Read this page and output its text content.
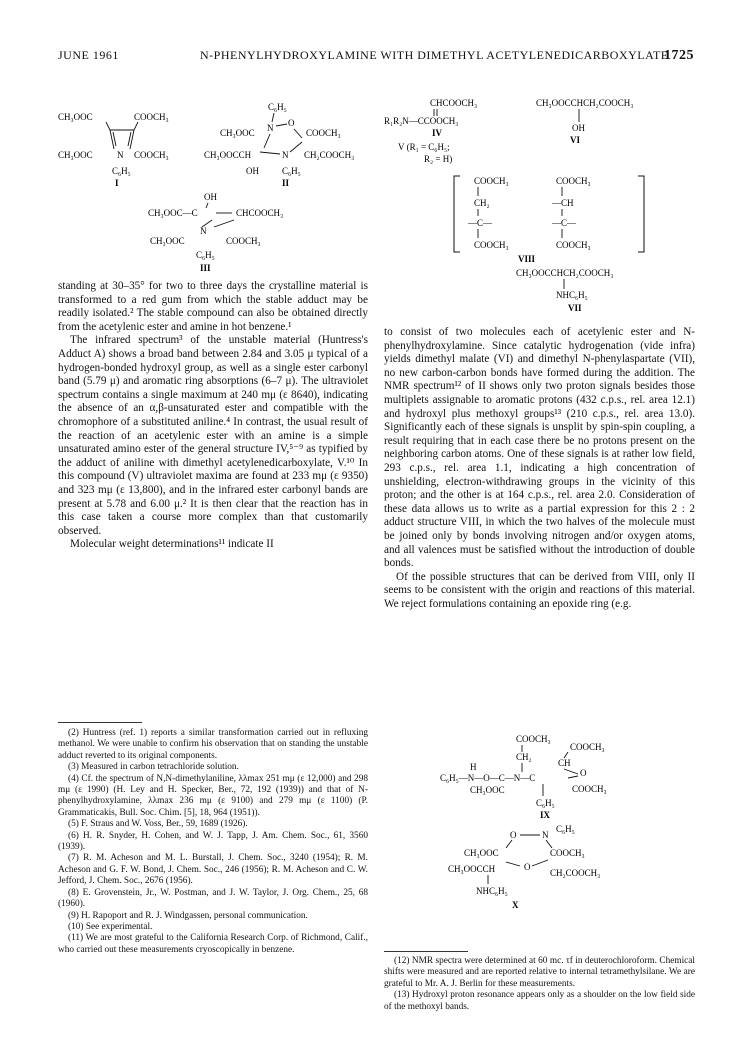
JUNE 1961	N-PHENYLHYDROXYLAMINE WITH DIMETHYL ACETYLENEDICARBOXYLATE
1725
CH₃OOC	COOCH₃
CH₃OOC	N COOCH₃
C₆H₅
I
C₆H₅
N O
CH₃OOC	COOCH₃
CH₃OOCCH	N CH₂COOCH₃
OH	C₆H₅
II
OH
CH₃OOC—C	CHCOOCH₃
N
CH₃OOC	COOCH₃
C₆H₅
III
CHCOOCH₃
R₁R₂N—CCOOCH₃
IV
V (R₁ = C₆H₅;
R₂ = H)
CH₃OOCCHCH₂COOCH₃
OH
VI
COOCH₃
CH₂
—C—
COOCH₃
COOCH₃
—CH
—C—
COOCH₃
VIII
CH₃OOCCHCH₂COOCH₃
NHC₆H₅
VII

standing at 30–35° for two to three days the crystalline material is transformed to a red gum from which the stable adduct may be readily isolated.² The stable compound can also be obtained directly from the acetylenic ester and amine in hot benzene.¹

The infrared spectrum³ of the unstable material (Huntress's Adduct A) shows a broad band between 2.84 and 3.05 μ typical of a hydrogen-bonded hydroxyl group, as well as a single ester carbonyl band (5.79 μ) and aromatic ring absorptions (6–7 μ). The ultraviolet spectrum contains a single maximum at 240 mμ (ε 8640), indicating the absence of an α,β-unsaturated ester and compatible with the chromophore of a substituted aniline.⁴ In contrast, the usual result of the reaction of an acetylenic ester with an amine is a simple unsaturated amino ester of the general structure IV,⁵⁻⁹ as typified by the adduct of aniline with dimethyl acetylenedicarboxylate, V.¹⁰ In this compound (V) ultraviolet maxima are found at 233 mμ (ε 9350) and 323 mμ (ε 13,800), and in the infrared ester carbonyl bands are present at 5.78 and 6.00 μ.² It is then clear that the reaction has in this case taken a course more complex than that customarily observed.

Molecular weight determinations¹¹ indicate II

to consist of two molecules each of acetylenic ester and N-phenylhydroxylamine. Since catalytic hydrogenation (vide infra) yields dimethyl malate (VI) and dimethyl N-phenylaspartate (VII), no new carbon-carbon bonds have formed during the addition. The NMR spectrum¹² of II shows only two proton signals besides those multiplets assignable to aromatic protons (432 c.p.s., rel. area 12.1) and hydroxyl plus methoxyl groups¹³ (210 c.p.s., rel. area 13.0). Significantly each of these signals is unsplit by spin-spin coupling, a result requiring that in each case there be no protons present on the neighboring carbon atoms. One of these signals is at rather low field, 293 c.p.s., rel. area 1.1, indicating a high concentration of unshielding, electron-withdrawing groups in the vicinity of this proton; and the other is at 164 c.p.s., rel. area 2.0. Consideration of these data allows us to write as a partial expression for this 2 : 2 adduct structure VIII, in which the two halves of the molecule must be joined only by bonds involving nitrogen and/or oxygen atoms, and all valences must be satisfied without the introduction of double bonds.

Of the possible structures that can be derived from VIII, only II seems to be consistent with the origin and reactions of this material. We reject formulations containing an epoxide ring (e.g.

COOCH₃
CH₂
COOCH₃
CH
H
C₆H₅—N—O—C—N—C	O
CH₃OOC	COOCH₃
C₆H₅
IX
O	N
C₆H₅
CH₃OOC	COOCH₃
CH₃OOCCH	O
CH₂COOCH₃
NHC₆H₅
X

(2) Huntress (ref. 1) reports a similar transformation carried out in refluxing methanol. We were unable to confirm his observation that on standing the unstable adduct reverted to its original components.

(3) Measured in carbon tetrachloride solution.

(4) Cf. the spectrum of N,N-dimethylaniline, λλmax 251 mμ (ε 12,000) and 298 mμ (ε 1990) (H. Ley and H. Specker, Ber., 72, 192 (1939)) and that of N-phenylhydroxylamine, λλmax 236 mμ (ε 9100) and 279 mμ (ε 1100) (P. Grammaticakis, Bull. Soc. Chim. [5], 18, 964 (1951)).

(5) F. Straus and W. Voss, Ber., 59, 1689 (1926).

(6) H. R. Snyder, H. Cohen, and W. J. Tapp, J. Am. Chem. Soc., 61, 3560 (1939).

(7) R. M. Acheson and M. L. Burstall, J. Chem. Soc., 3240 (1954); R. M. Acheson and G. F. W. Bond, J. Chem. Soc., 246 (1956); R. M. Acheson and C. W. Jefford, J. Chem. Soc., 2676 (1956).

(8) E. Grovenstein, Jr., W. Postman, and J. W. Taylor, J. Org. Chem., 25, 68 (1960).

(9) H. Rapoport and R. J. Windgassen, personal communication.

(10) See experimental.

(11) We are most grateful to the California Research Corp. of Richmond, Calif., who carried out these measurements cryoscopically in benzene.

(12) NMR spectra were determined at 60 mc. τf in deuterochloroform. Chemical shifts were measured and are reported relative to internal tetramethylsilane. We are grateful to Mr. A. J. Berlin for these measurements.

(13) Hydroxyl proton resonance appears only as a shoulder on the low field side of the methoxyl bands.
